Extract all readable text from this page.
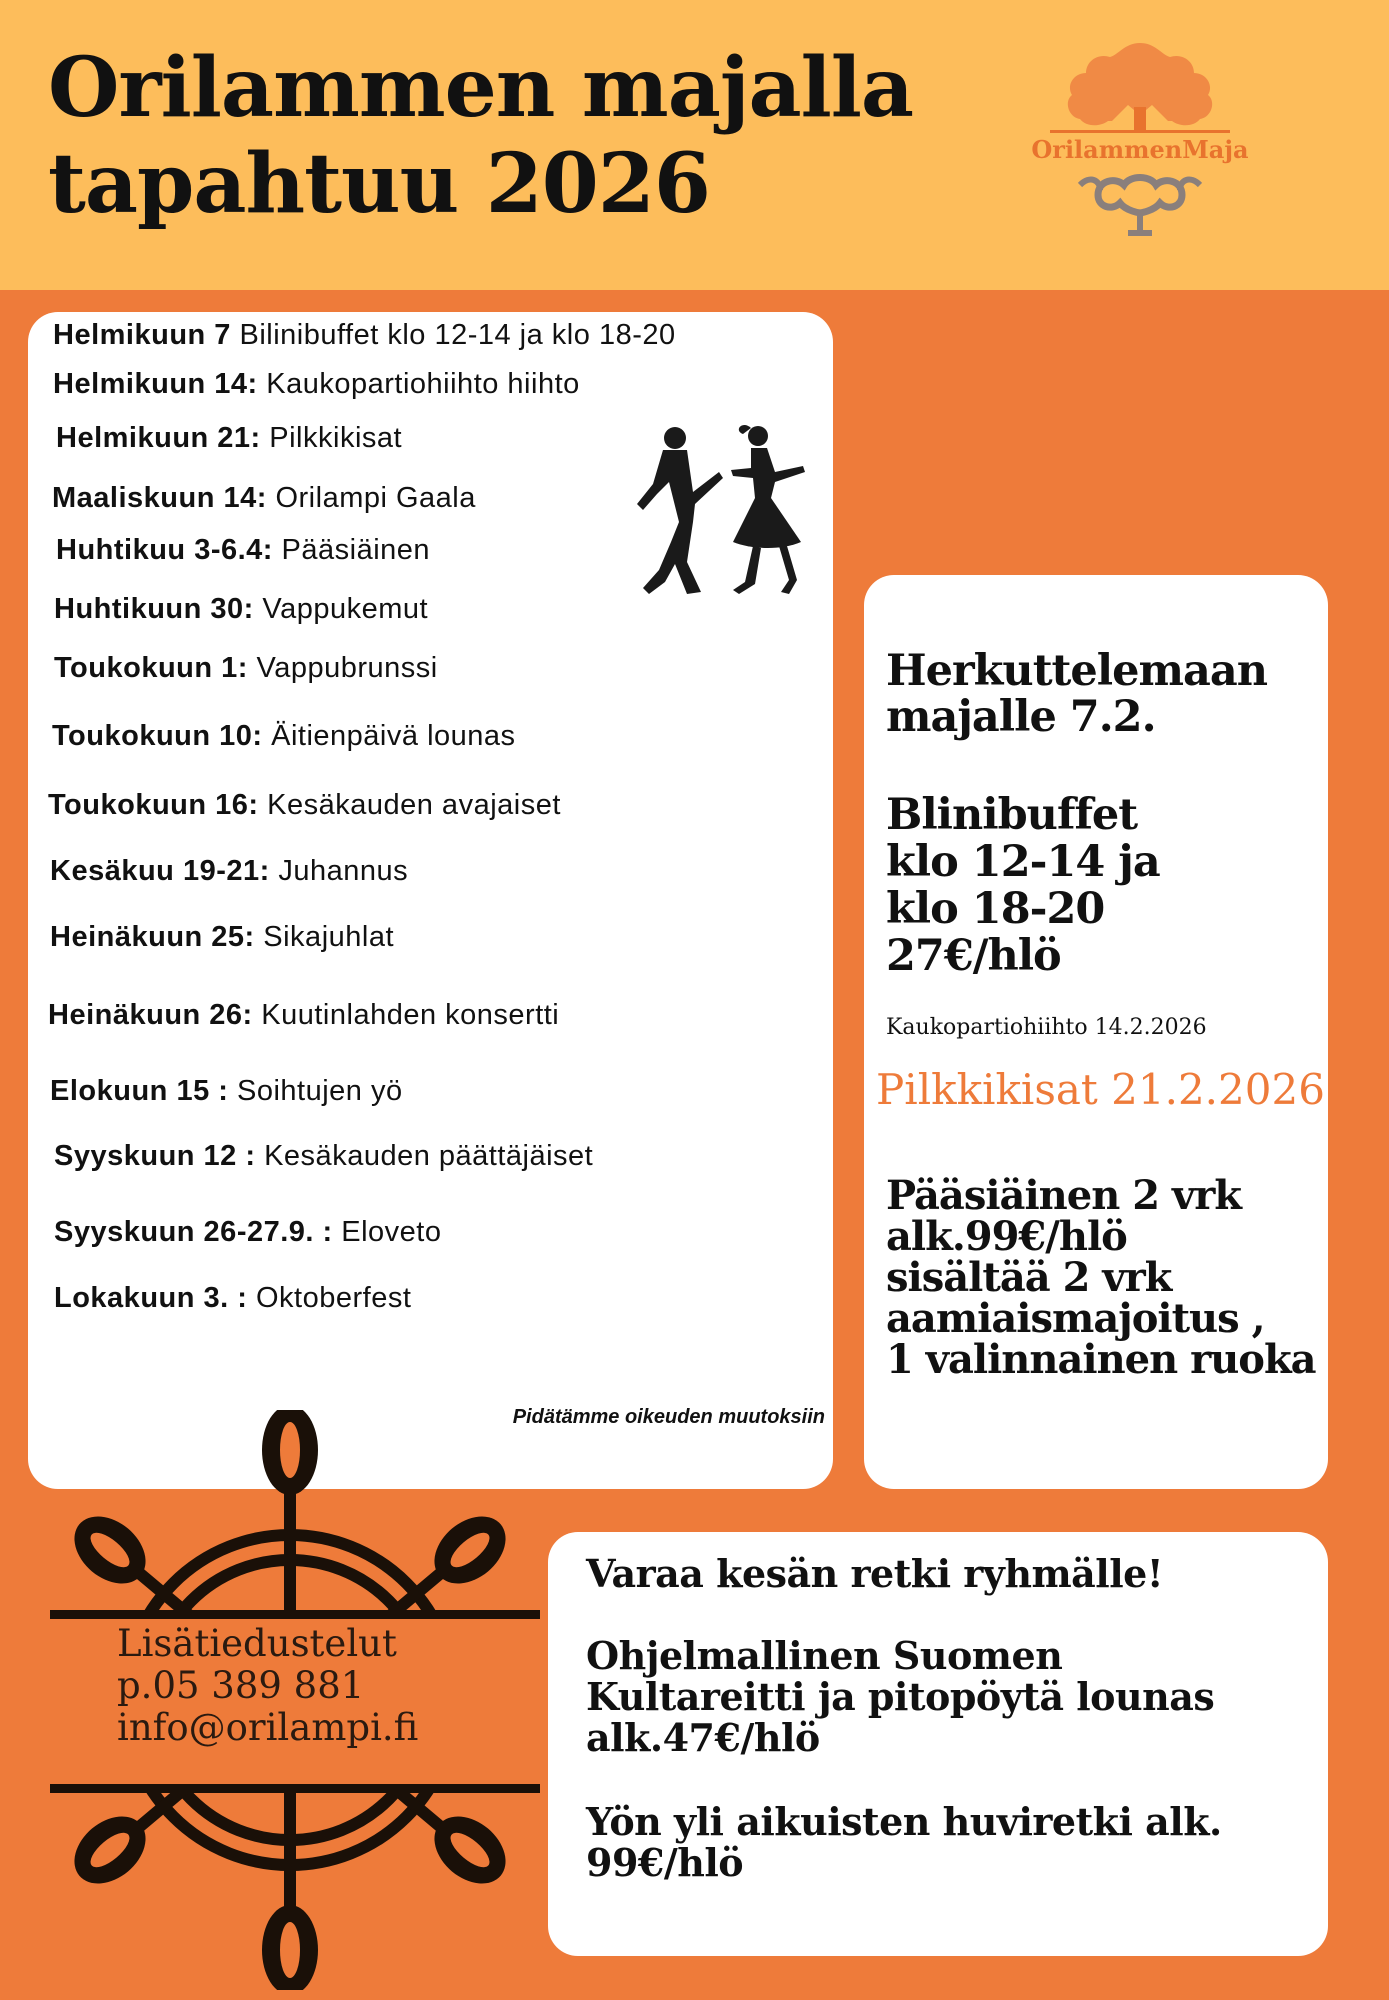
Orilammen majalla
tapahtuu 2026	OrilammenMaja
Helmikuun 7 Bilinibuffet klo 12-14 ja klo 18-20
Helmikuun 14: Kaukopartiohiihto hiihto
Helmikuun 21: Pilkkikisat
Maaliskuun 14: Orilampi Gaala
Huhtikuu 3-6.4: Pääsiäinen
Huhtikuun 30: Vappukemut
Toukokuun 1: Vappubrunssi
Toukokuun 10: Äitienpäivä lounas
Toukokuun 16: Kesäkauden avajaiset
Kesäkuu 19-21: Juhannus
Heinäkuun 25: Sikajuhlat
Heinäkuun 26: Kuutinlahden konsertti
Elokuun 15 : Soihtujen yö
Syyskuun 12 : Kesäkauden päättäjäiset
Syyskuun 26-27.9. : Eloveto
Lokakuun 3. : Oktoberfest
Pidätämme oikeuden muutoksiin
Herkuttelemaan
majalle 7.2.
Blinibuffet
klo 12-14 ja
klo 18-20
27€/hlö
Kaukopartiohiihto 14.2.2026
Pilkkikisat 21.2.2026
Pääsiäinen 2 vrk
alk.99€/hlö
sisältää 2 vrk
aamiaismajoitus ,
1 valinnainen ruoka
Lisätiedustelut
p.05 389 881
info@orilampi.fi
Varaa kesän retki ryhmälle!
Ohjelmallinen Suomen
Kultareitti ja pitopöytä lounas
alk.47€/hlö
Yön yli aikuisten huviretki alk.
99€/hlö
